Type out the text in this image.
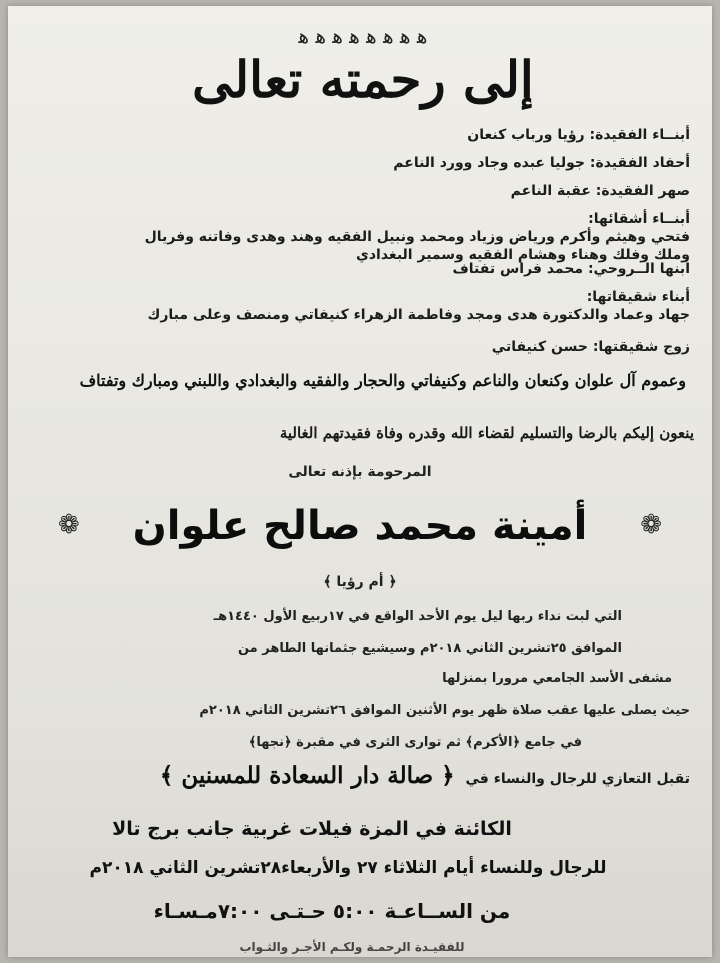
ﻫ ﻫ ﻫ ﻫ ﻫ ﻫ ﻫ ﻫ
إلى رحمته تعالى
أبنــاء الفقيدة: رؤيا ورباب كنعان
أحفاد الفقيدة: جوليا عبده وجاد وورد الناعم
صهر الفقيدة: عقبة الناعم
أبنــاء أشقائها: فتحي وهيثم وأكرم ورياض وزياد ومحمد ونبيل الفقيه وهند وهدى وفاتنه وفريال وملك وفلك وهناء وهشام الفقيه وسمير البغدادي
ابنها الــروحي: محمد فراس تفتاف
أبناء شقيقاتها: جهاد وعماد والدكتورة هدى ومجد وفاطمة الزهراء كنيفاتي ومنصف وعلى مبارك
زوج شقيقتها: حسن كنيفاتي
وعموم آل علوان وكنعان والناعم وكنيفاتي والحجار والفقيه والبغدادي واللبني ومبارك وتفتاف
ينعون إليكم بالرضا والتسليم لقضاء الله وقدره وفاة فقيدتهم الغالية
المرحومة بإذنه تعالى
❁
أمينة محمد صالح علوان
❁
﴿ أم رؤيا ﴾
التي لبت نداء ربها ليل يوم الأحد الواقع في ١٧ربيع الأول ١٤٤٠هـ
الموافق ٢٥تشرين الثاني ٢٠١٨م وسيشيع جثمانها الطاهر من
مشفى الأسد الجامعي مرورا بمنزلها
حيث يصلى عليها عقب صلاة ظهر يوم الأثنين الموافق ٢٦تشرين الثاني ٢٠١٨م
في جامع ﴿الأكرم﴾ ثم توارى الثرى في مقبرة ﴿نجها﴾
تقبل التعازي للرجال والنساء في ﴿ صالة دار السعادة للمسنين ﴾
الكائنة في المزة فيلات غربية جانب برج تالا
للرجال وللنساء أيام الثلاثاء ٢٧ والأربعاء٢٨تشرين الثاني ٢٠١٨م
من الســاعـة ٥:٠٠ حـتـى ٧:٠٠مـسـاء
للفقيـدة الرحمـة ولكـم الأجـر والثـواب
